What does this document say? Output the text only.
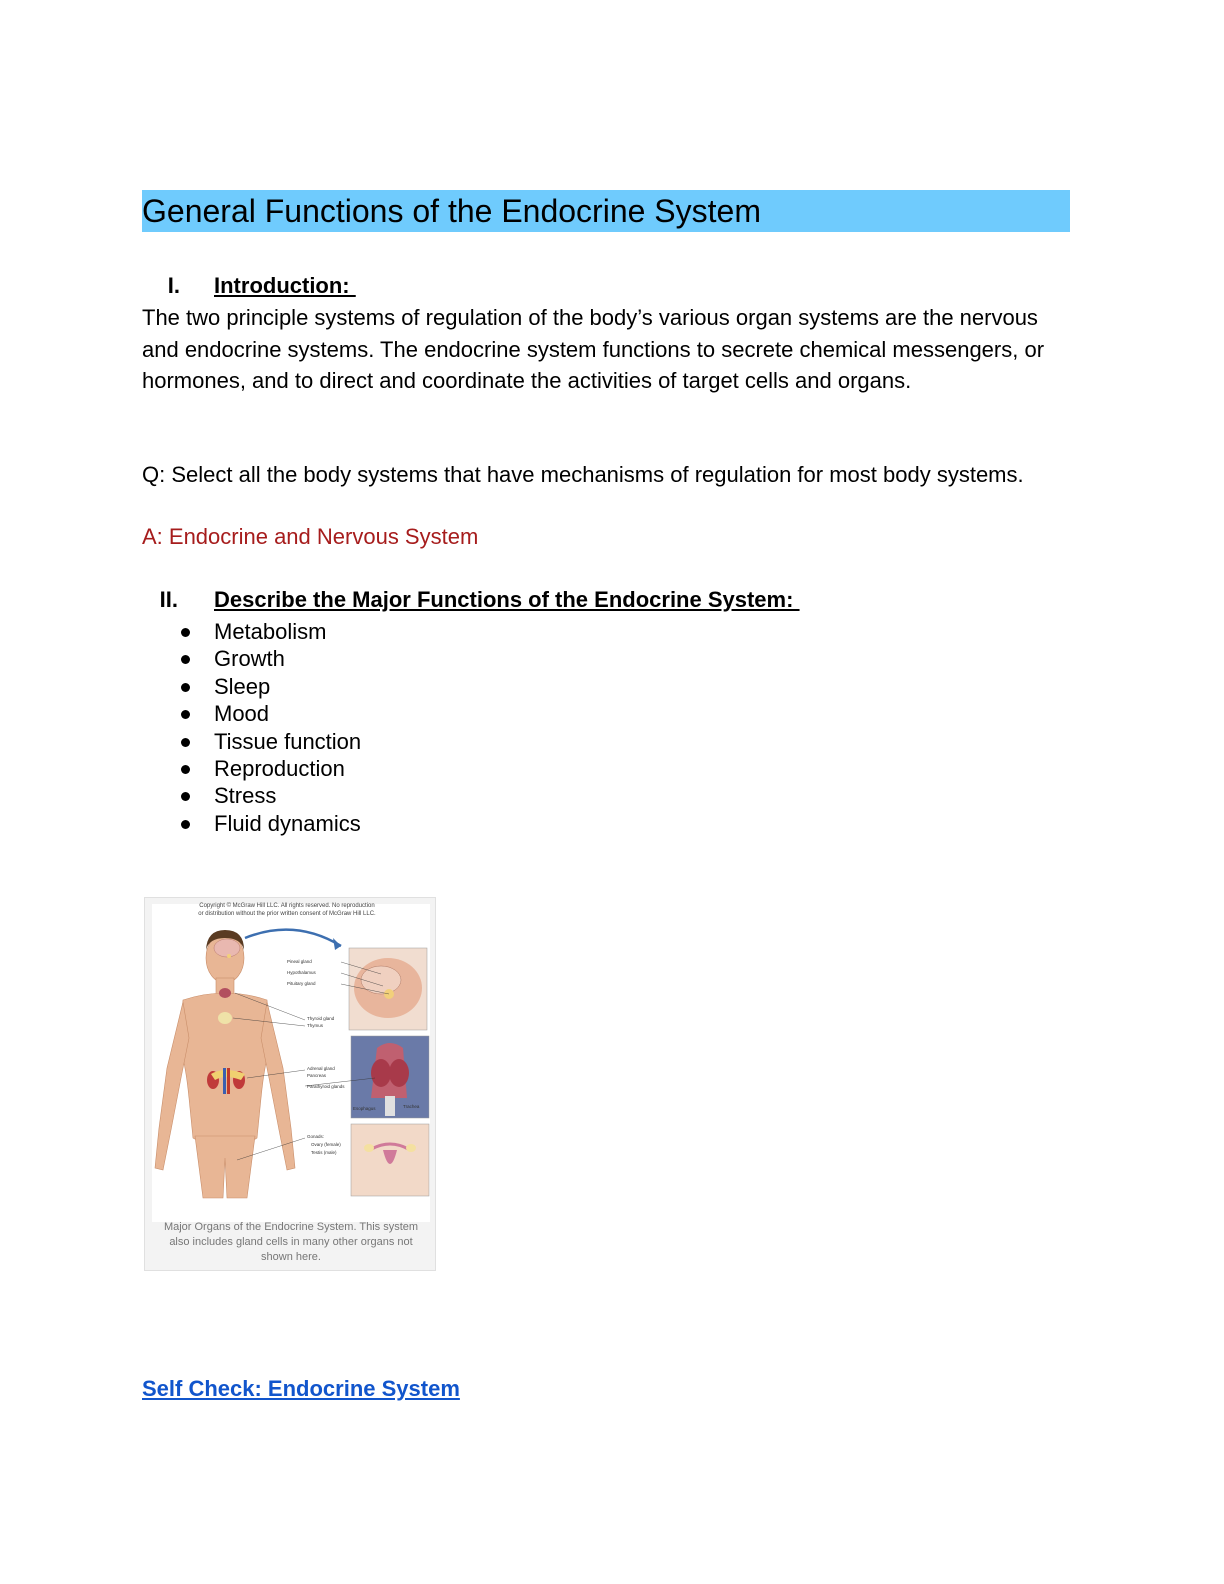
General Functions of the Endocrine System
I. Introduction:
The two principle systems of regulation of the body’s various organ systems are the nervous and endocrine systems. The endocrine system functions to secrete chemical messengers, or hormones, and to direct and coordinate the activities of target cells and organs.
Q: Select all the body systems that have mechanisms of regulation for most body systems.
A: Endocrine and Nervous System
II. Describe the Major Functions of the Endocrine System:
Metabolism
Growth
Sleep
Mood
Tissue function
Reproduction
Stress
Fluid dynamics
Pineal gland
Hypothalamus
Pituitary gland
Thyroid gland
Thymus
Adrenal gland
Pancreas
Parathyroid glands
Esophagus	Trachea
Gonads:
Ovary (female)
Testis (male)
Copyright © McGraw Hill LLC. All rights reserved. No reproduction or distribution without the prior written consent of McGraw Hill LLC.
Major Organs of the Endocrine System. This system also includes gland cells in many other organs not shown here.
Self Check: Endocrine System
